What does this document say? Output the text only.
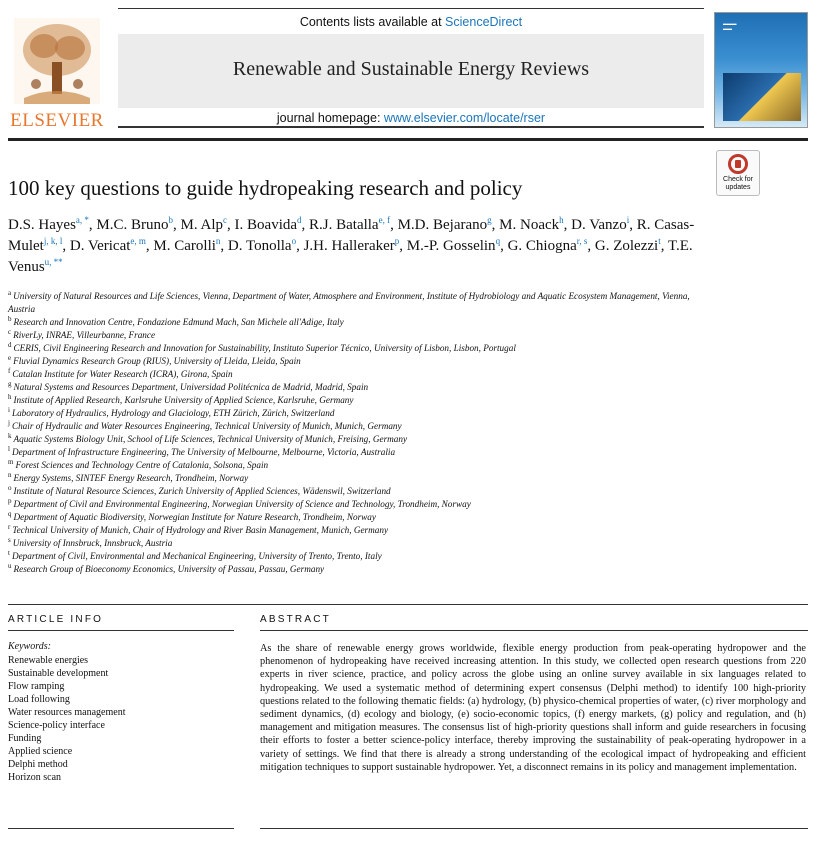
ELSEVIER
Contents lists available at ScienceDirect
Renewable and Sustainable Energy Reviews
journal homepage: www.elsevier.com/locate/rser
▬▬▬
▬▬
Check for updates
100 key questions to guide hydropeaking research and policy
D.S. Hayes$^{a, *}$, M.C. Bruno$^b$, M. Alp$^c$, I. Boavida$^d$, R.J. Batalla$^{e, f}$, M.D. Bejarano$^g$, M. Noack$^h$, D. Vanzo$^i$, R. Casas-Mulet$^{j, k, l}$, D. Vericat$^{e, m}$, M. Carolli$^n$, D. Tonolla$^o$, J.H. Halleraker$^p$, M.-P. Gosselin$^q$, G. Chiogna$^{r, s}$, G. Zolezzi$^t$, T.E. Venus$^{u, **}$
$^a$ University of Natural Resources and Life Sciences, Vienna, Department of Water, Atmosphere and Environment, Institute of Hydrobiology and Aquatic Ecosystem Management, Vienna, Austria
$^b$ Research and Innovation Centre, Fondazione Edmund Mach, San Michele all'Adige, Italy
$^c$ RiverLy, INRAE, Villeurbanne, France
$^d$ CERIS, Civil Engineering Research and Innovation for Sustainability, Instituto Superior Técnico, University of Lisbon, Lisbon, Portugal
$^e$ Fluvial Dynamics Research Group (RIUS), University of Lleida, Lleida, Spain
$^f$ Catalan Institute for Water Research (ICRA), Girona, Spain
$^g$ Natural Systems and Resources Department, Universidad Politécnica de Madrid, Madrid, Spain
$^h$ Institute of Applied Research, Karlsruhe University of Applied Science, Karlsruhe, Germany
$^i$ Laboratory of Hydraulics, Hydrology and Glaciology, ETH Zürich, Zürich, Switzerland
$^j$ Chair of Hydraulic and Water Resources Engineering, Technical University of Munich, Munich, Germany
$^k$ Aquatic Systems Biology Unit, School of Life Sciences, Technical University of Munich, Freising, Germany
$^l$ Department of Infrastructure Engineering, The University of Melbourne, Melbourne, Victoria, Australia
$^m$ Forest Sciences and Technology Centre of Catalonia, Solsona, Spain
$^n$ Energy Systems, SINTEF Energy Research, Trondheim, Norway
$^o$ Institute of Natural Resource Sciences, Zurich University of Applied Sciences, Wädenswil, Switzerland
$^p$ Department of Civil and Environmental Engineering, Norwegian University of Science and Technology, Trondheim, Norway
$^q$ Department of Aquatic Biodiversity, Norwegian Institute for Nature Research, Trondheim, Norway
$^r$ Technical University of Munich, Chair of Hydrology and River Basin Management, Munich, Germany
$^s$ University of Innsbruck, Innsbruck, Austria
$^t$ Department of Civil, Environmental and Mechanical Engineering, University of Trento, Trento, Italy
$^u$ Research Group of Bioeconomy Economics, University of Passau, Passau, Germany
ARTICLE INFO
Keywords:
Renewable energies
Sustainable development
Flow ramping
Load following
Water resources management
Science-policy interface
Funding
Applied science
Delphi method
Horizon scan
ABSTRACT
As the share of renewable energy grows worldwide, flexible energy production from peak-operating hydropower and the phenomenon of hydropeaking have received increasing attention. In this study, we collected open research questions from 220 experts in river science, practice, and policy across the globe using an online survey available in six languages related to hydropeaking. We used a systematic method of determining expert consensus (Delphi method) to identify 100 high-priority questions related to the following thematic fields: (a) hydrology, (b) physico-chemical properties of water, (c) river morphology and sediment dynamics, (d) ecology and biology, (e) socio-economic topics, (f) energy markets, (g) policy and regulation, and (h) management and mitigation measures. The consensus list of high-priority questions shall inform and guide researchers in focusing their efforts to foster a better science-policy interface, thereby improving the sustainability of peak-operating hydropower in a variety of settings. We find that there is already a strong understanding of the ecological impact of hydropeaking and efficient mitigation techniques to support sustainable hydropower. Yet, a disconnect remains in its policy and management implementation.
